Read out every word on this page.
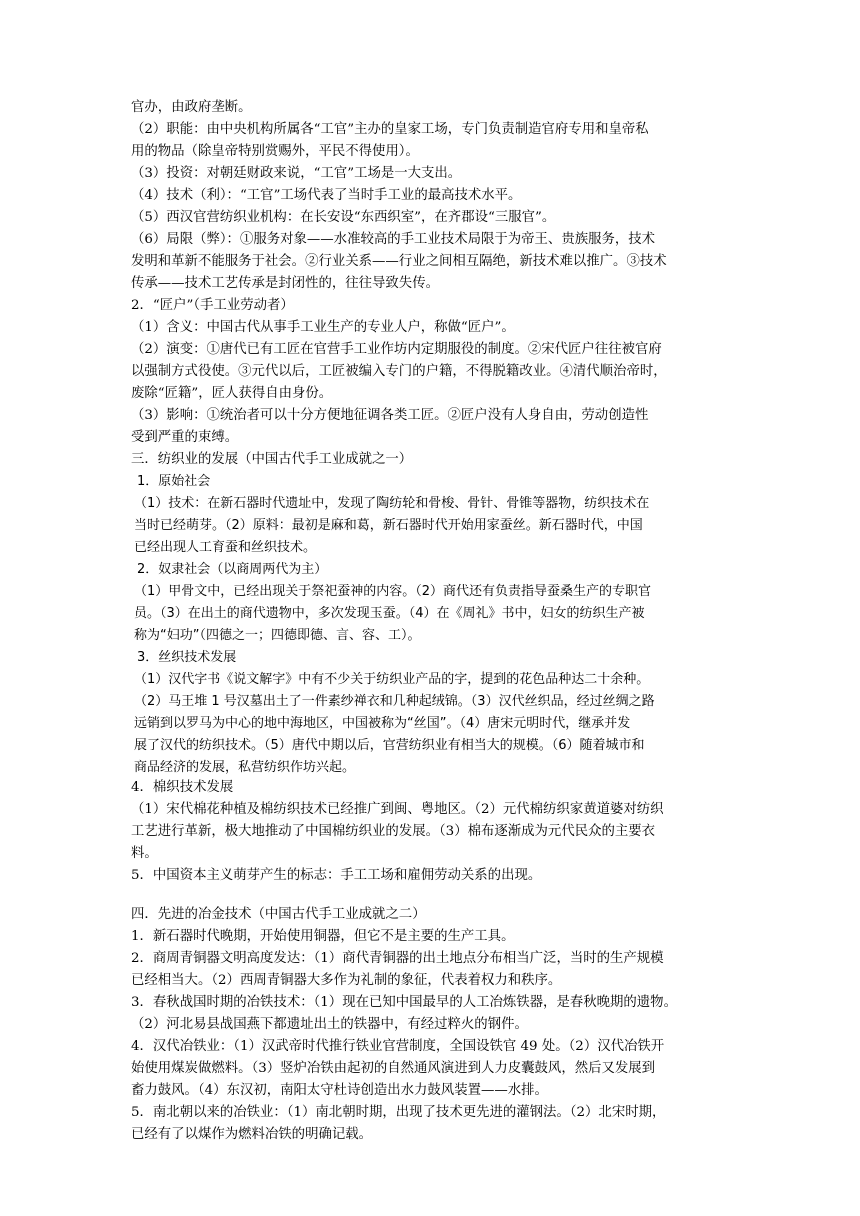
官办，由政府垄断。
（2）职能：由中央机构所属各“工官”主办的皇家工场，专门负责制造官府专用和皇帝私
用的物品（除皇帝特别赏赐外，平民不得使用）。
（3）投资：对朝廷财政来说，“工官”工场是一大支出。
（4）技术（利）：“工官”工场代表了当时手工业的最高技术水平。
（5）西汉官营纺织业机构：在长安设“东西织室”，在齐郡设“三服官”。
（6）局限（弊）：①服务对象——水准较高的手工业技术局限于为帝王、贵族服务，技术
发明和革新不能服务于社会。②行业关系——行业之间相互隔绝，新技术难以推广。③技术
传承——技术工艺传承是封闭性的，往往导致失传。
2．“匠户”（手工业劳动者）
（1）含义：中国古代从事手工业生产的专业人户，称做“匠户”。
（2）演变：①唐代已有工匠在官营手工业作坊内定期服役的制度。②宋代匠户往往被官府
以强制方式役使。③元代以后，工匠被编入专门的户籍，不得脱籍改业。④清代顺治帝时，
废除“匠籍”，匠人获得自由身份。
（3）影响：①统治者可以十分方便地征调各类工匠。②匠户没有人身自由，劳动创造性
受到严重的束缚。
三．纺织业的发展（中国古代手工业成就之一）
1．原始社会
（1）技术：在新石器时代遗址中，发现了陶纺轮和骨梭、骨针、骨锥等器物，纺织技术在
当时已经萌芽。（2）原料：最初是麻和葛，新石器时代开始用家蚕丝。新石器时代，中国
已经出现人工育蚕和丝织技术。
2．奴隶社会（以商周两代为主）
（1）甲骨文中，已经出现关于祭祀蚕神的内容。（2）商代还有负责指导蚕桑生产的专职官
员。（3）在出土的商代遗物中，多次发现玉蚕。（4）在《周礼》书中，妇女的纺织生产被
称为“妇功”（四德之一；四德即德、言、容、工）。
3．丝织技术发展
（1）汉代字书《说文解字》中有不少关于纺织业产品的字，提到的花色品种达二十余种。
（2）马王堆 1 号汉墓出土了一件素纱禅衣和几种起绒锦。（3）汉代丝织品，经过丝绸之路
远销到以罗马为中心的地中海地区，中国被称为“丝国”。（4）唐宋元明时代，继承并发
展了汉代的纺织技术。（5）唐代中期以后，官营纺织业有相当大的规模。（6）随着城市和
商品经济的发展，私营纺织作坊兴起。
4．棉织技术发展
（1）宋代棉花种植及棉纺织技术已经推广到闽、粤地区。（2）元代棉纺织家黄道婆对纺织
工艺进行革新，极大地推动了中国棉纺织业的发展。（3）棉布逐渐成为元代民众的主要衣
料。
5．中国资本主义萌芽产生的标志：手工工场和雇佣劳动关系的出现。
四．先进的冶金技术（中国古代手工业成就之二）
1．新石器时代晚期，开始使用铜器，但它不是主要的生产工具。
2．商周青铜器文明高度发达：（1）商代青铜器的出土地点分布相当广泛，当时的生产规模
已经相当大。（2）西周青铜器大多作为礼制的象征，代表着权力和秩序。
3．春秋战国时期的冶铁技术：（1）现在已知中国最早的人工冶炼铁器，是春秋晚期的遗物。
（2）河北易县战国燕下都遗址出土的铁器中，有经过粹火的钢件。
4．汉代冶铁业：（1）汉武帝时代推行铁业官营制度，全国设铁官 49 处。（2）汉代冶铁开
始使用煤炭做燃料。（3）竖炉冶铁由起初的自然通风演进到人力皮囊鼓风，然后又发展到
畜力鼓风。（4）东汉初，南阳太守杜诗创造出水力鼓风装置——水排。
5．南北朝以来的冶铁业：（1）南北朝时期，出现了技术更先进的灌钢法。（2）北宋时期，
已经有了以煤作为燃料冶铁的明确记载。
